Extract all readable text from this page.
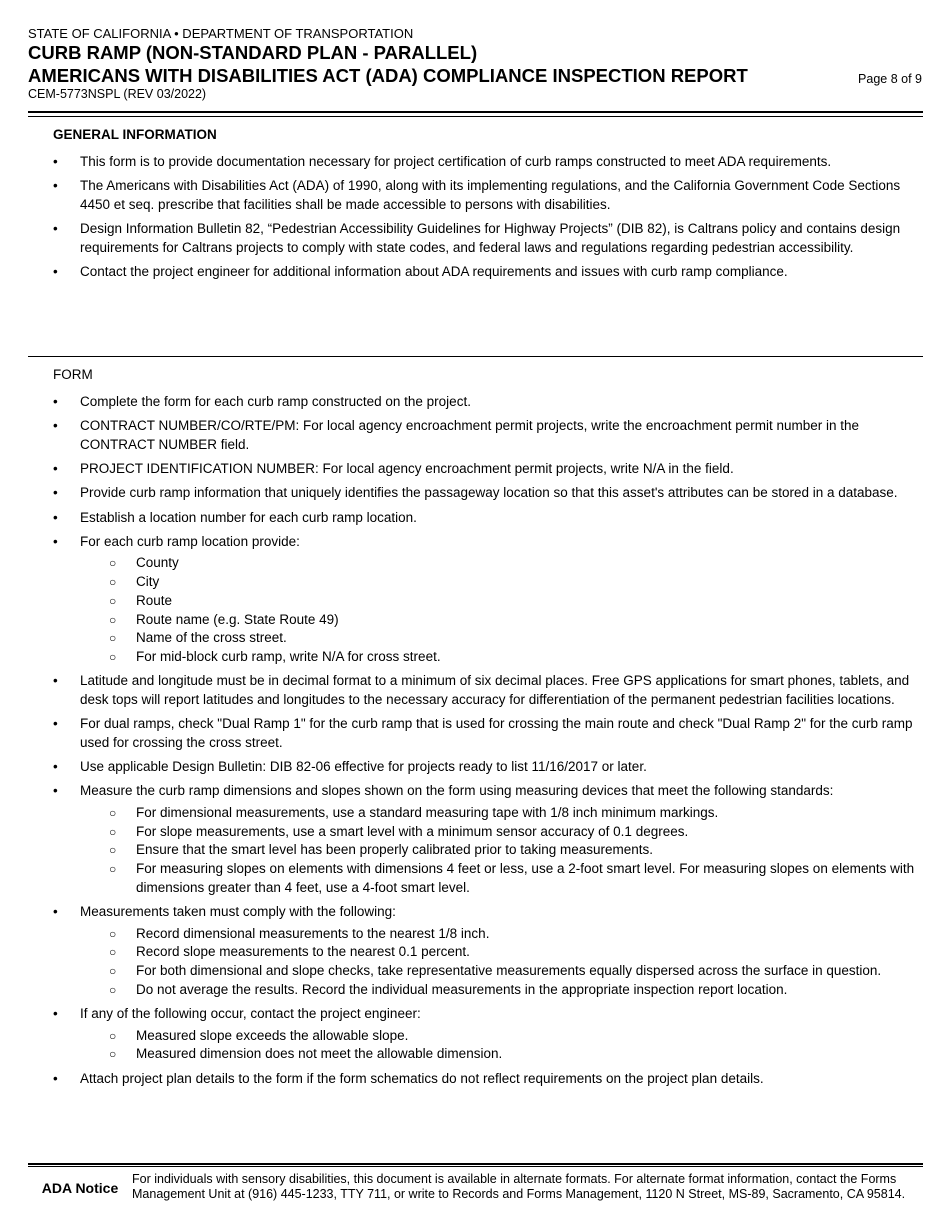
STATE OF CALIFORNIA • DEPARTMENT OF TRANSPORTATION
CURB RAMP (NON-STANDARD PLAN - PARALLEL)
AMERICANS WITH DISABILITIES ACT (ADA) COMPLIANCE INSPECTION REPORT
CEM-5773NSPL (REV 03/2022)
Page 8 of 9
GENERAL INFORMATION
• This form is to provide documentation necessary for project certification of curb ramps constructed to meet ADA requirements.
• The Americans with Disabilities Act (ADA) of 1990, along with its implementing regulations, and the California Government Code Sections 4450 et seq. prescribe that facilities shall be made accessible to persons with disabilities.
• Design Information Bulletin 82, “Pedestrian Accessibility Guidelines for Highway Projects” (DIB 82), is Caltrans policy and contains design requirements for Caltrans projects to comply with state codes, and federal laws and regulations regarding pedestrian accessibility.
• Contact the project engineer for additional information about ADA requirements and issues with curb ramp compliance.
FORM
• Complete the form for each curb ramp constructed on the project.
• CONTRACT NUMBER/CO/RTE/PM: For local agency encroachment permit projects, write the encroachment permit number in the CONTRACT NUMBER field.
• PROJECT IDENTIFICATION NUMBER: For local agency encroachment permit projects, write N/A in the field.
• Provide curb ramp information that uniquely identifies the passageway location so that this asset's attributes can be stored in a database.
• Establish a location number for each curb ramp location.
• For each curb ramp location provide:
○ County
○ City
○ Route
○ Route name (e.g. State Route 49)
○ Name of the cross street.
○ For mid-block curb ramp, write N/A for cross street.
• Latitude and longitude must be in decimal format to a minimum of six decimal places. Free GPS applications for smart phones, tablets, and desk tops will report latitudes and longitudes to the necessary accuracy for differentiation of the permanent pedestrian facilities locations.
• For dual ramps, check "Dual Ramp 1" for the curb ramp that is used for crossing the main route and check "Dual Ramp 2" for the curb ramp used for crossing the cross street.
• Use applicable Design Bulletin: DIB 82-06 effective for projects ready to list 11/16/2017 or later.
• Measure the curb ramp dimensions and slopes shown on the form using measuring devices that meet the following standards:
○ For dimensional measurements, use a standard measuring tape with 1/8 inch minimum markings.
○ For slope measurements, use a smart level with a minimum sensor accuracy of 0.1 degrees.
○ Ensure that the smart level has been properly calibrated prior to taking measurements.
○ For measuring slopes on elements with dimensions 4 feet or less, use a 2-foot smart level. For measuring slopes on elements with dimensions greater than 4 feet, use a 4-foot smart level.
• Measurements taken must comply with the following:
○ Record dimensional measurements to the nearest 1/8 inch.
○ Record slope measurements to the nearest 0.1 percent.
○ For both dimensional and slope checks, take representative measurements equally dispersed across the surface in question.
○ Do not average the results. Record the individual measurements in the appropriate inspection report location.
• If any of the following occur, contact the project engineer:
○ Measured slope exceeds the allowable slope.
○ Measured dimension does not meet the allowable dimension.
• Attach project plan details to the form if the form schematics do not reflect requirements on the project plan details.
ADA Notice
For individuals with sensory disabilities, this document is available in alternate formats. For alternate format information, contact the Forms Management Unit at (916) 445-1233, TTY 711, or write to Records and Forms Management, 1120 N Street, MS-89, Sacramento, CA 95814.
